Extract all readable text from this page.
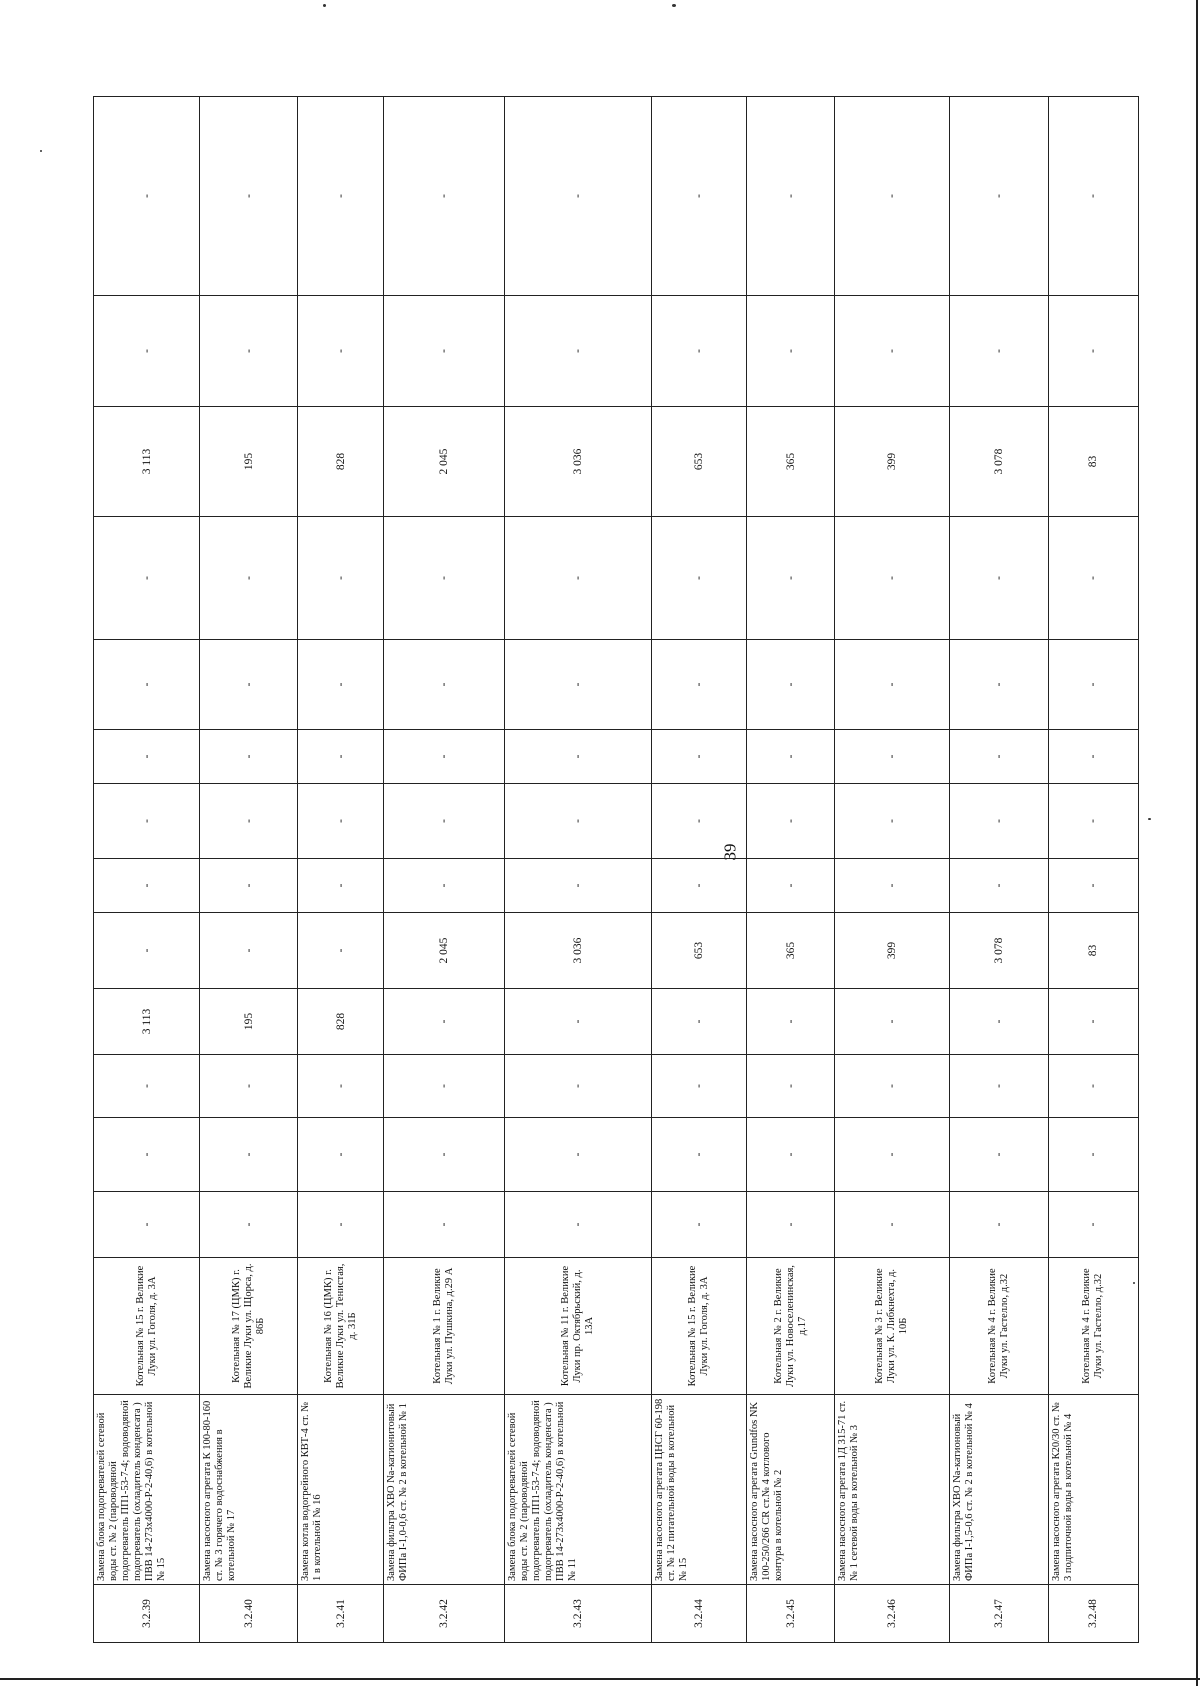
39
3.2.39	Замена блока подогревателей сетевой воды ст. № 2 (пароводяной подогреватель ПП1-53-7-4; водоводяной подогреватель (охладитель конденсата ) ПВВ 14-273х4000-Р-2-40,6) в котельной № 15	Котельная № 15 г. Великие Луки ул. Гоголя, д. 3А	-	-	-	3 113	-	-	-	-	-	-	3 113	-	-
3.2.40	Замена насосного агрегата К 100-80-160 ст. № 3 горячего водоснабжения в котельной № 17	Котельная № 17 (ЦМК) г. Великие Луки ул. Щорса, д. 86Б	-	-	-	195	-	-	-	-	-	-	195	-	-
3.2.41	Замена котла водогрейного КВТ-4 ст. № 1 в котельной № 16	Котельная № 16 (ЦМК) г. Великие Луки ул. Тенистая, д. 31Б	-	-	-	828	-	-	-	-	-	-	828	-	-
3.2.42	Замена фильтра ХВО Na-катионитовый ФИПа I-1,0-0,6 ст. № 2 в котельной № 1	Котельная № 1 г. Великие Луки ул. Пушкина, д.29 А	-	-	-	-	2 045	-	-	-	-	-	2 045	-	-
3.2.43	Замена блока подогревателей сетевой воды ст. № 2 (пароводяной подогреватель ПП1-53-7-4; водоводяной подогреватель (охладитель конденсата ) ПВВ 14-273х4000-Р-2-40,6) в котельной № 11	Котельная № 11 г. Великие Луки пр. Октябрьский, д. 13А	-	-	-	-	3 036	-	-	-	-	-	3 036	-	-
3.2.44	Замена насосного агрегата ЦНСГ 60-198 ст. № 12 питательной воды в котельной № 15	Котельная № 15 г. Великие Луки ул. Гоголя, д. 3А	-	-	-	-	653	-	-	-	-	-	653	-	-
3.2.45	Замена насосного агрегата Grundfos NK 100-250/266 CR ст.№ 4 котлового контура в котельной № 2	Котельная № 2 г. Великие Луки ул. Новоселенинская, д.17	-	-	-	-	365	-	-	-	-	-	365	-	-
3.2.46	Замена насосного агрегата 1Д 315-71 ст. № 1 сетевой воды в котельной № 3	Котельная № 3 г. Великие Луки ул. К. Либкнехта, д. 10Б	-	-	-	-	399	-	-	-	-	-	399	-	-
3.2.47	Замена фильтра ХВО Na-катионовый ФИПа I-1,5-0,6 ст. № 2 в котельной № 4	Котельная № 4 г. Великие Луки ул. Гастелло, д.32	-	-	-	-	3 078	-	-	-	-	-	3 078	-	-
3.2.48	Замена насосного агрегата К20/30 ст. № 3 подпиточной воды в котельной № 4	Котельная № 4 г. Великие Луки ул. Гастелло, д.32	-	-	-	-	83	-	-	-	-	-	83	-	-
